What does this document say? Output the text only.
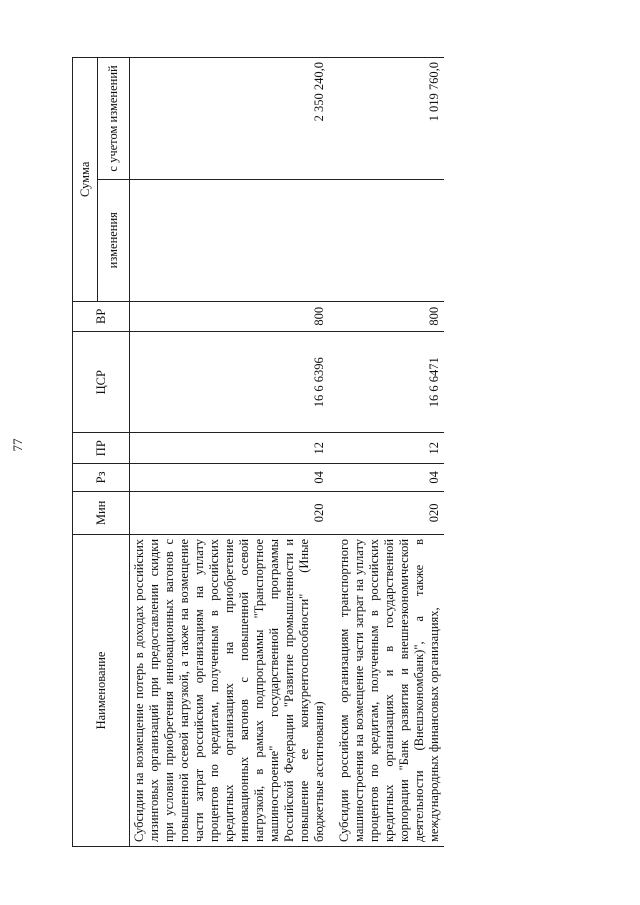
77
Наименование	Мин	Рз	ПР	ЦСР	ВР	Сумма	
						изменения	с учетом изменений
Субсидии на возмещение потерь в доходах российских лизинговых организаций при предоставлении скидки при условии приобретения инновационных вагонов с повышенной осевой нагрузкой, а также на возмещение части затрат российским организациям на уплату процентов по кредитам, полученным в российских кредитных организациях на приобретение инновационных вагонов с повышенной осевой нагрузкой, в рамках подпрограммы "Транспортное машиностроение" государственной программы Российской Федерации "Развитие промышленности и повышение ее конкурентоспособности" (Иные бюджетные ассигнования)	020	04	12	16 6 6396	800		2 350 240,0
Субсидии российским организациям транспортного машиностроения на возмещение части затрат на уплату процентов по кредитам, полученным в российских кредитных организациях и в государственной корпорации "Банк развития и внешнеэкономической деятельности (Внешэкономбанк)", а также в международных финансовых организациях,	020	04	12	16 6 6471	800		1 019 760,0
